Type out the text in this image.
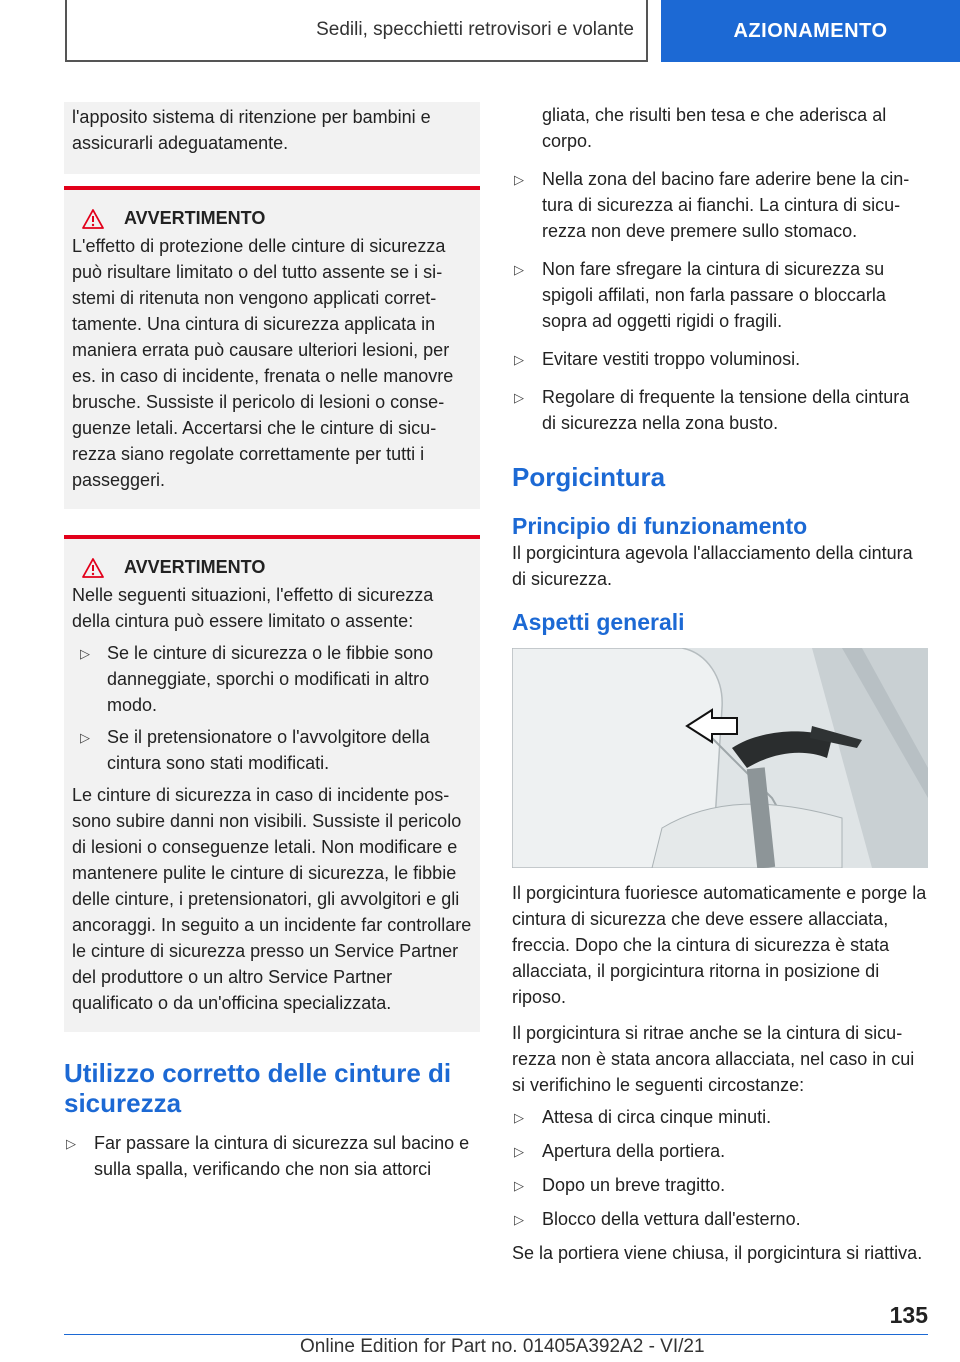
Sedili, specchietti retrovisori e volante	AZIONAMENTO

l'apposito sistema di ritenzione per bambini e assicurarli adeguatamente.

AVVERTIMENTO

L'effetto di protezione delle cinture di sicurezza può risultare limitato o del tutto assente se i sistemi di ritenuta non vengono applicati correttamente. Una cintura di sicurezza applicata in maniera errata può causare ulteriori lesioni, per es. in caso di incidente, frenata o nelle manovre brusche. Sussiste il pericolo di lesioni o conseguenze letali. Accertarsi che le cinture di sicurezza siano regolate correttamente per tutti i passeggeri.

AVVERTIMENTO

Nelle seguenti situazioni, l'effetto di sicurezza della cintura può essere limitato o assente:

▷ Se le cinture di sicurezza o le fibbie sono danneggiate, sporchi o modificati in altro modo.
▷ Se il pretensionatore o l'avvolgitore della cintura sono stati modificati.

Le cinture di sicurezza in caso di incidente possono subire danni non visibili. Sussiste il pericolo di lesioni o conseguenze letali. Non modificare e mantenere pulite le cinture di sicurezza, le fibbie delle cinture, i pretensionatori, gli avvolgitori e gli ancoraggi. In seguito a un incidente far controllare le cinture di sicurezza presso un Service Partner del produttore o un altro Service Partner qualificato o da un'officina specializzata.

Utilizzo corretto delle cinture di sicurezza
▷ Far passare la cintura di sicurezza sul bacino e sulla spalla, verificando che non sia attorci
gliata, che risulti ben tesa e che aderisca al corpo.
▷ Nella zona del bacino fare aderire bene la cintura di sicurezza ai fianchi. La cintura di sicurezza non deve premere sullo stomaco.
▷ Non fare sfregare la cintura di sicurezza su spigoli affilati, non farla passare o bloccarla sopra ad oggetti rigidi o fragili.
▷ Evitare vestiti troppo voluminosi.
▷ Regolare di frequente la tensione della cintura di sicurezza nella zona busto.
Porgicintura
Principio di funzionamento

Il porgicintura agevola l'allacciamento della cintura di sicurezza.

Aspetti generali

Il porgicintura fuoriesce automaticamente e porge la cintura di sicurezza che deve essere allacciata, freccia. Dopo che la cintura di sicurezza è stata allacciata, il porgicintura ritorna in posizione di riposo.

Il porgicintura si ritrae anche se la cintura di sicurezza non è stata ancora allacciata, nel caso in cui si verifichino le seguenti circostanze:

▷ Attesa di circa cinque minuti.
▷ Apertura della portiera.
▷ Dopo un breve tragitto.
▷ Blocco della vettura dall'esterno.

Se la portiera viene chiusa, il porgicintura si riattiva.

135
Online Edition for Part no. 01405A392A2 - VI/21
